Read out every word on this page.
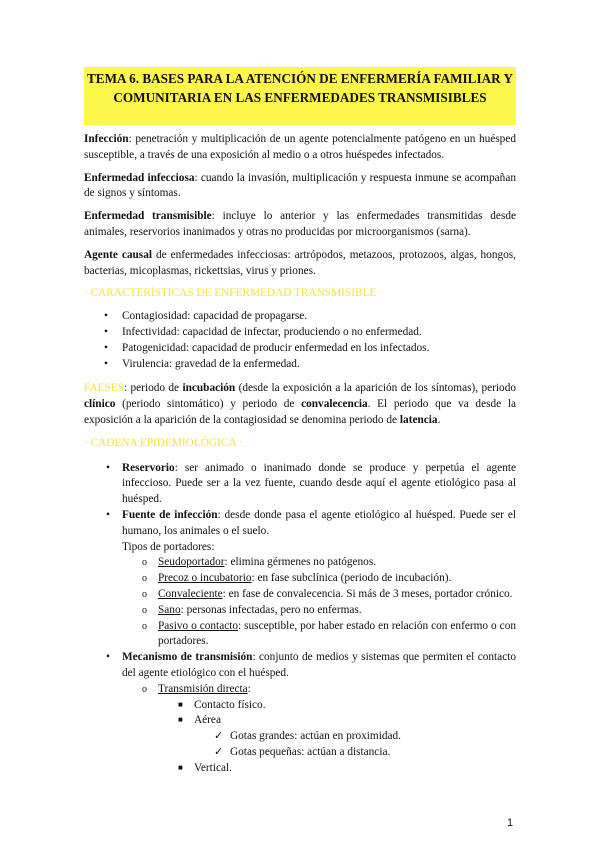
TEMA 6. BASES PARA LA ATENCIÓN DE ENFERMERÍA FAMILIAR Y COMUNITARIA EN LAS ENFERMEDADES TRANSMISIBLES

Infección: penetración y multiplicación de un agente potencialmente patógeno en un huésped susceptible, a través de una exposición al medio o a otros huéspedes infectados.

Enfermedad infecciosa: cuando la invasión, multiplicación y respuesta inmune se acompañan de signos y síntomas.

Enfermedad transmisible: incluye lo anterior y las enfermedades transmitidas desde animales, reservorios inanimados y otras no producidas por microorganismos (sarna).

Agente causal de enfermedades infecciosas: artrópodos, metazoos, protozoos, algas, hongos, bacterias, micoplasmas, rickettsias, virus y priones.

· CARACTERÍSTICAS DE ENFERMEDAD TRANSMISIBLE ·

• Contagiosidad: capacidad de propagarse.

• Infectividad: capacidad de infectar, produciendo o no enfermedad.

• Patogenicidad: capacidad de producir enfermedad en los infectados.

• Virulencia: gravedad de la enfermedad.

FAESES: periodo de incubación (desde la exposición a la aparición de los síntomas), periodo clínico (periodo sintomático) y periodo de convalecencia. El periodo que va desde la exposición a la aparición de la contagiosidad se denomina periodo de latencia.

· CADENA EPIDEMIOLÓGICA ·

• Reservorio: ser animado o inanimado donde se produce y perpetúa el agente infeccioso. Puede ser a la vez fuente, cuando desde aquí el agente etiológico pasa al huésped.

• Fuente de infección: desde donde pasa el agente etiológico al huésped. Puede ser el humano, los animales o el suelo.

Tipos de portadores:

o Seudoportador: elimina gérmenes no patógenos.

o Precoz o incubatorio: en fase subclínica (periodo de incubación).

o Convaleciente: en fase de convalecencia. Si más de 3 meses, portador crónico.

o Sano: personas infectadas, pero no enfermas.

o Pasivo o contacto: susceptible, por haber estado en relación con enfermo o con portadores.

• Mecanismo de transmisión: conjunto de medios y sistemas que permiten el contacto del agente etiológico con el huésped.

o Transmisión directa:

■ Contacto físico.

■ Aérea

✓ Gotas grandes: actúan en proximidad.

✓ Gotas pequeñas: actúan a distancia.

■ Vertical.

1
